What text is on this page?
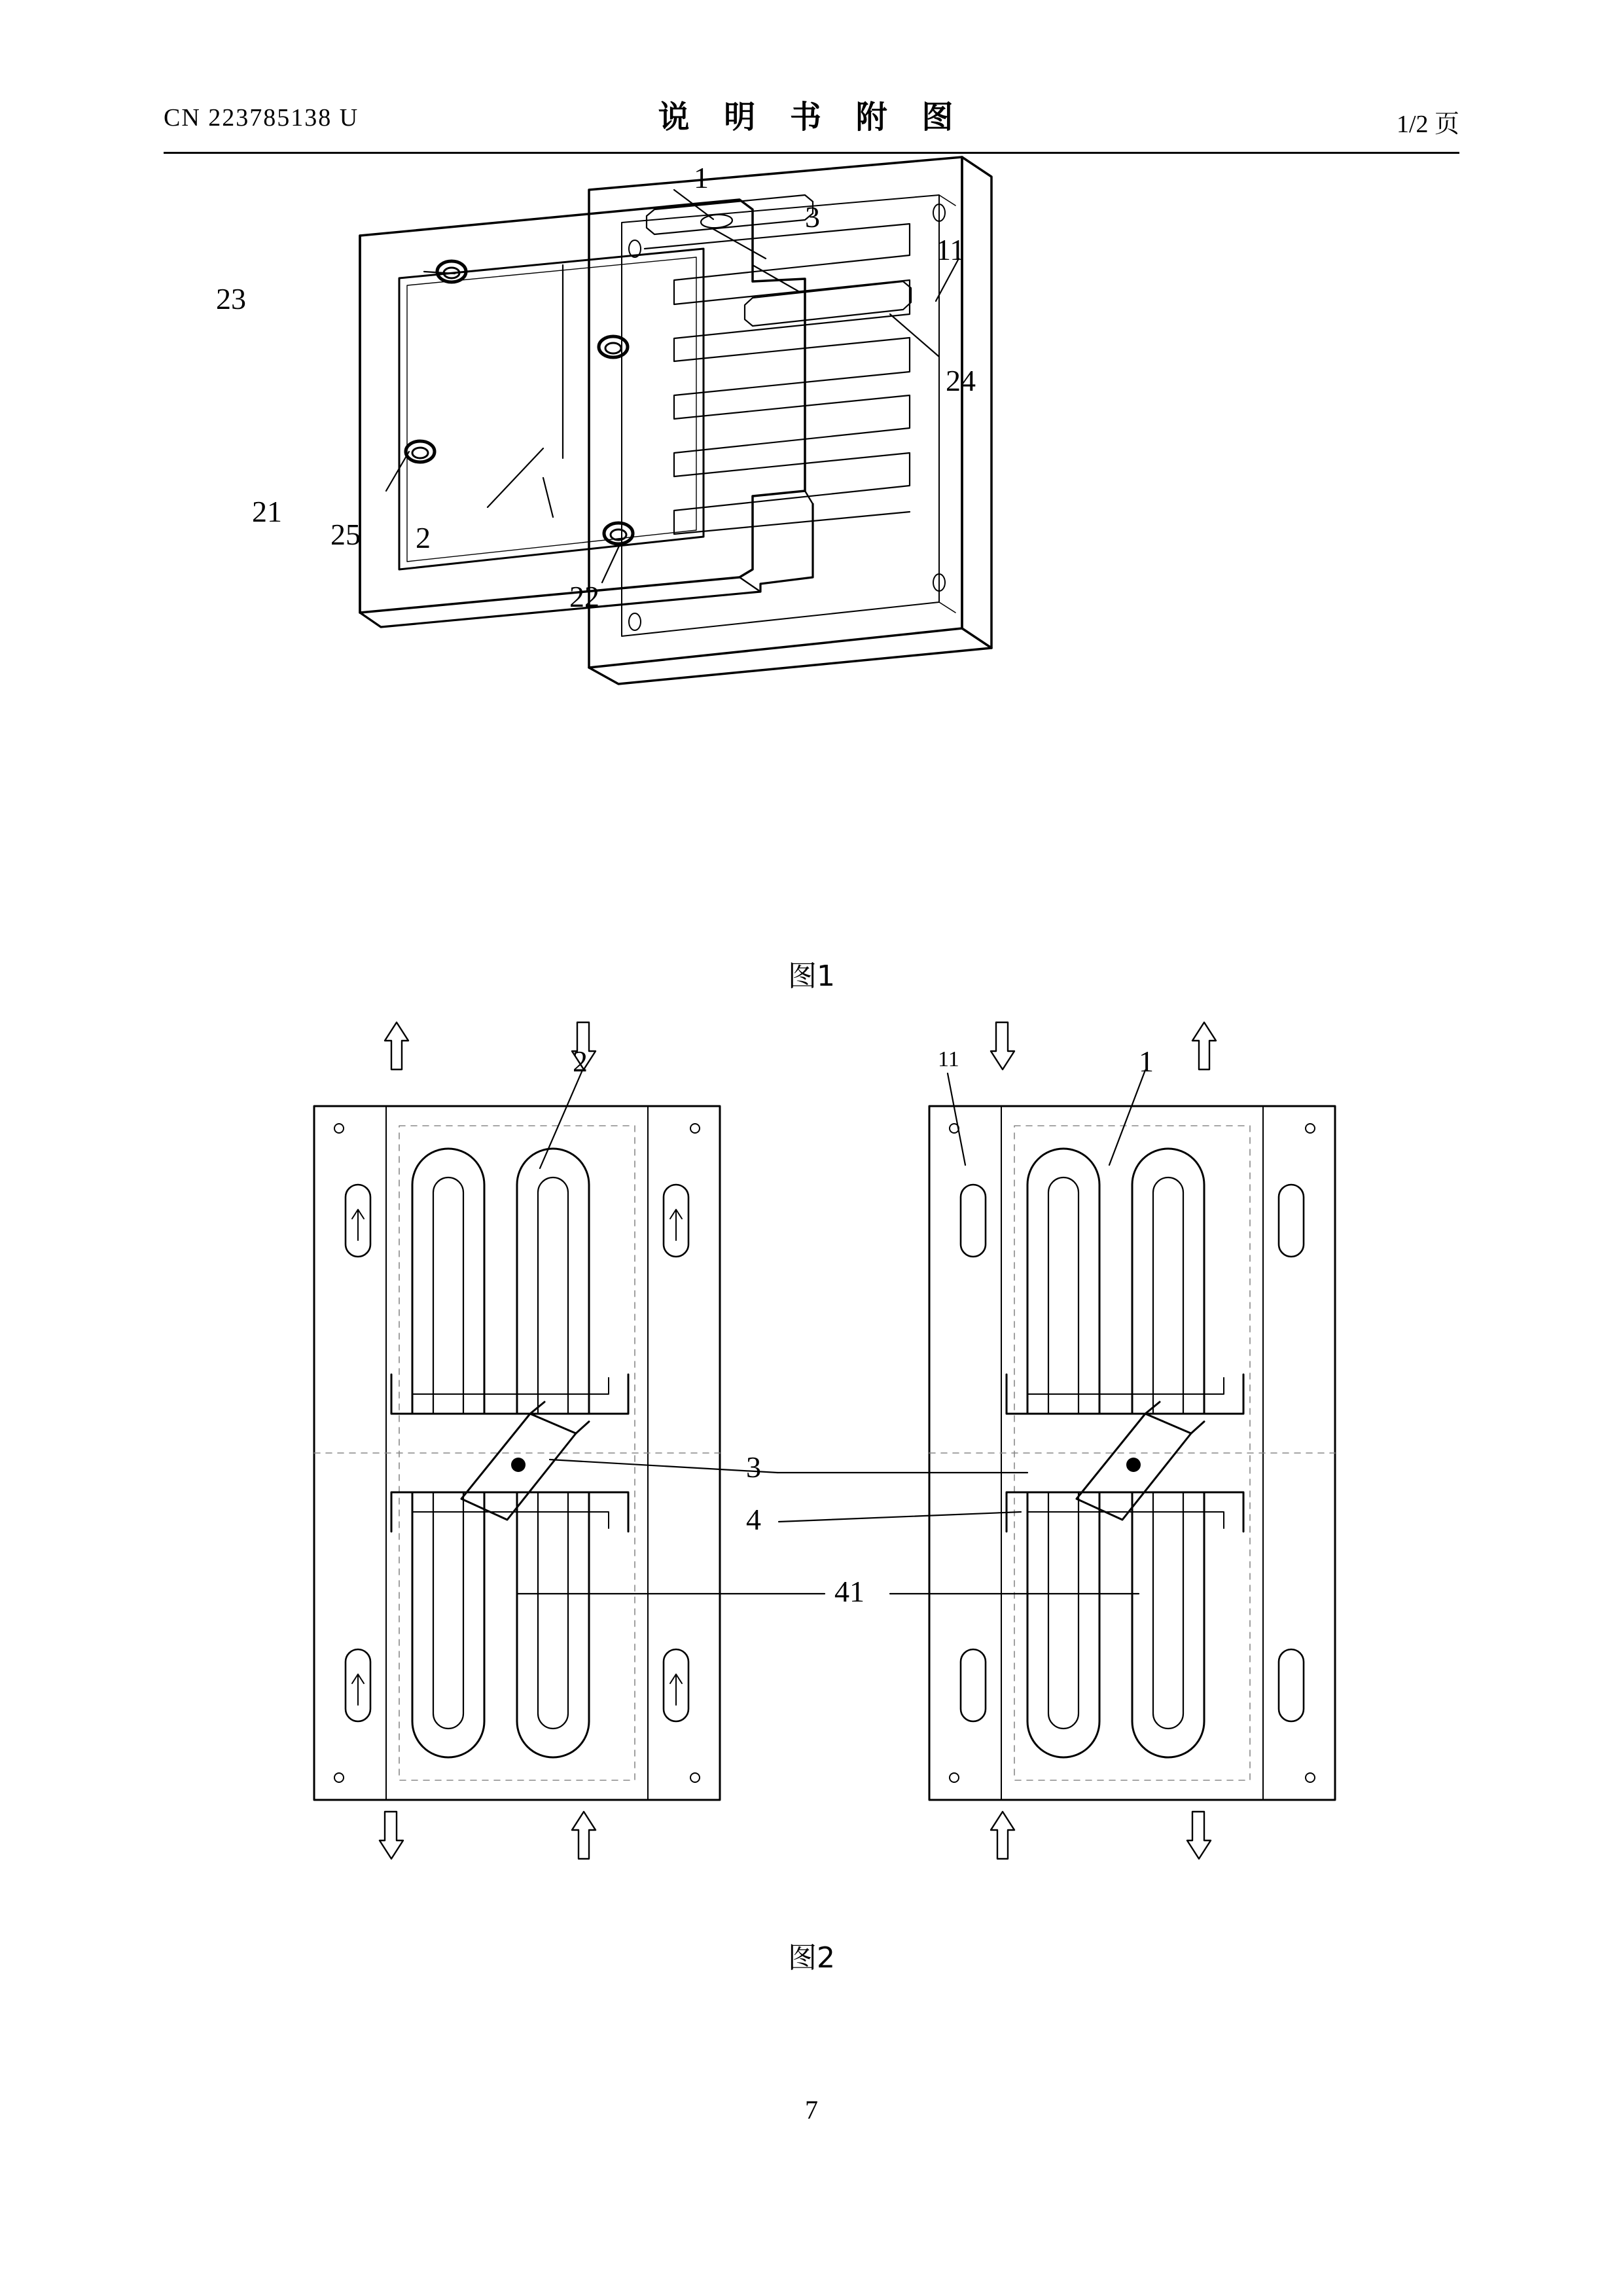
CN 223785138 U	说 明 书 附 图	1/2 页
23
1
3
11
24
21
25 2
22
图1
2	11	1
3
4
41
图2
7
